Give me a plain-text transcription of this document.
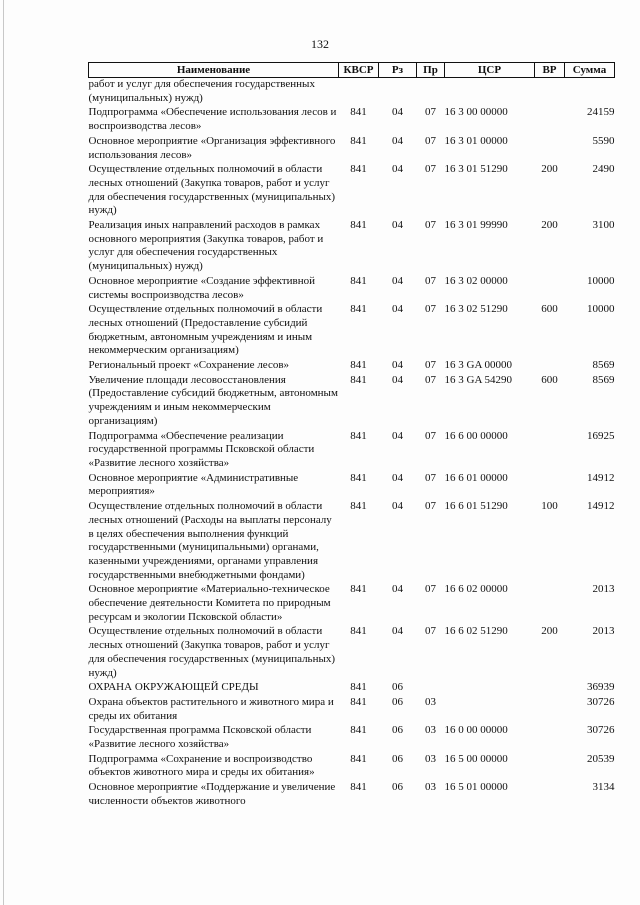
132
Наименование	КВСР	Рз	Пр	ЦСР	ВР	Сумма
работ и услуг для обеспечения государственных (муниципальных) нужд)						
Подпрограмма «Обеспечение использования лесов и воспроизводства лесов»	841	04	07	16 3 00 00000		24159
Основное мероприятие «Организация эффективного использования лесов»	841	04	07	16 3 01 00000		5590
Осуществление отдельных полномочий в области лесных отношений (Закупка товаров, работ и услуг для обеспечения государственных (муниципальных) нужд)	841	04	07	16 3 01 51290	200	2490
Реализация иных направлений расходов в рамках основного мероприятия (Закупка товаров, работ и услуг для обеспечения государственных (муниципальных) нужд)	841	04	07	16 3 01 99990	200	3100
Основное мероприятие «Создание эффективной системы воспроизводства лесов»	841	04	07	16 3 02 00000		10000
Осуществление отдельных полномочий в области лесных отношений (Предоставление субсидий бюджетным, автономным учреждениям и иным некоммерческим организациям)	841	04	07	16 3 02 51290	600	10000
Региональный проект «Сохранение лесов»	841	04	07	16 3 GA 00000		8569
Увеличение площади лесовосстановления (Предоставление субсидий бюджетным, автономным учреждениям и иным некоммерческим организациям)	841	04	07	16 3 GA 54290	600	8569
Подпрограмма «Обеспечение реализации государственной программы Псковской области «Развитие лесного хозяйства»	841	04	07	16 6 00 00000		16925
Основное мероприятие «Административные мероприятия»	841	04	07	16 6 01 00000		14912
Осуществление отдельных полномочий в области лесных отношений (Расходы на выплаты персоналу в целях обеспечения выполнения функций государственными (муниципальными) органами, казенными учреждениями, органами управления государственными внебюджетными фондами)	841	04	07	16 6 01 51290	100	14912
Основное мероприятие «Материально-техническое обеспечение деятельности Комитета по природным ресурсам и экологии Псковской области»	841	04	07	16 6 02 00000		2013
Осуществление отдельных полномочий в области лесных отношений (Закупка товаров, работ и услуг для обеспечения государственных (муниципальных) нужд)	841	04	07	16 6 02 51290	200	2013
ОХРАНА ОКРУЖАЮЩЕЙ СРЕДЫ	841	06				36939
Охрана объектов растительного и животного мира и среды их обитания	841	06	03			30726
Государственная программа Псковской области «Развитие лесного хозяйства»	841	06	03	16 0 00 00000		30726
Подпрограмма «Сохранение и воспроизводство объектов животного мира и среды их обитания»	841	06	03	16 5 00 00000		20539
Основное мероприятие «Поддержание и увеличение численности объектов животного	841	06	03	16 5 01 00000		3134
